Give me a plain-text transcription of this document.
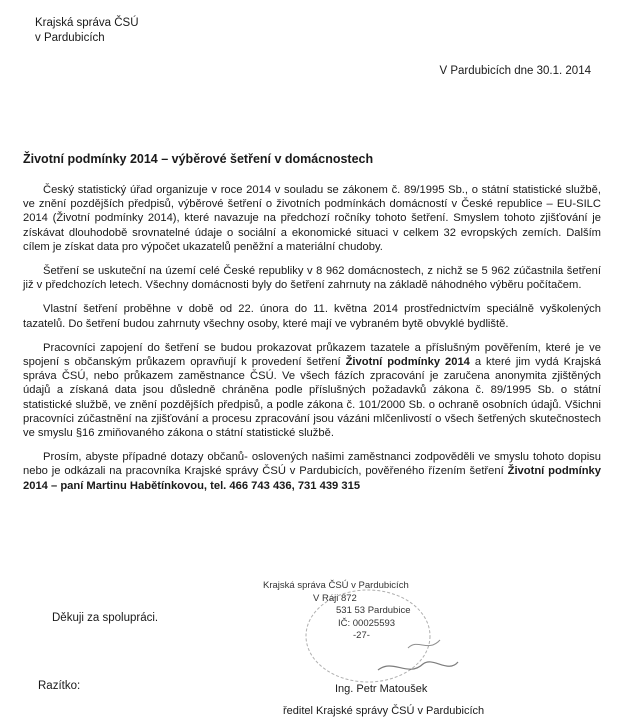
Krajská správa ČSÚ
v Pardubicích
V Pardubicích dne 30.1. 2014
Životní podmínky 2014 – výběrové šetření v domácnostech

Český statistický úřad organizuje v roce 2014 v souladu se zákonem č. 89/1995 Sb., o státní statistické službě, ve znění pozdějších předpisů, výběrové šetření o životních podmínkách domácností v České republice – EU-SILC 2014 (Životní podmínky 2014), které navazuje na předchozí ročníky tohoto šetření. Smyslem tohoto zjišťování je získávat dlouhodobě srovnatelné údaje o sociální a ekonomické situaci v celkem 32 evropských zemích. Dalším cílem je získat data pro výpočet ukazatelů peněžní a materiální chudoby.

Šetření se uskuteční na území celé České republiky v 8 962 domácnostech, z nichž se 5 962 zúčastnila šetření již v předchozích letech. Všechny domácnosti byly do šetření zahrnuty na základě náhodného výběru počítačem.

Vlastní šetření proběhne v době od 22. února do 11. května 2014 prostřednictvím speciálně vyškolených tazatelů. Do šetření budou zahrnuty všechny osoby, které mají ve vybraném bytě obvyklé bydliště.

Pracovníci zapojení do šetření se budou prokazovat průkazem tazatele a příslušným pověřením, které je ve spojení s občanským průkazem opravňují k provedení šetření Životní podmínky 2014 a které jim vydá Krajská správa ČSÚ, nebo průkazem zaměstnance ČSÚ. Ve všech fázích zpracování je zaručena anonymita zjištěných údajů a získaná data jsou důsledně chráněna podle příslušných požadavků zákona č. 89/1995 Sb. o státní statistické službě, ve znění pozdějších předpisů, a podle zákona č. 101/2000 Sb. o ochraně osobních údajů. Všichni pracovníci zúčastnění na zjišťování a procesu zpracování jsou vázáni mlčenlivostí o všech šetřených skutečnostech ve smyslu §16 zmiňovaného zákona o státní statistické službě.

Prosím, abyste případné dotazy občanů- oslovených našimi zaměstnanci zodpověděli ve smyslu tohoto dopisu nebo je odkázali na pracovníka Krajské správy ČSÚ v Pardubicích, pověřeného řízením šetření Životní podmínky 2014 – paní Martinu Habětínkovou, tel. 466 743 436, 731 439 315

Děkuji za spolupráci.
Razítko:
Krajská správa ČSÚ v Pardubicích
V Ráji 872
531 53 Pardubice
IČ: 00025593
-27-
Ing. Petr Matoušek
ředitel Krajské správy ČSÚ v Pardubicích
